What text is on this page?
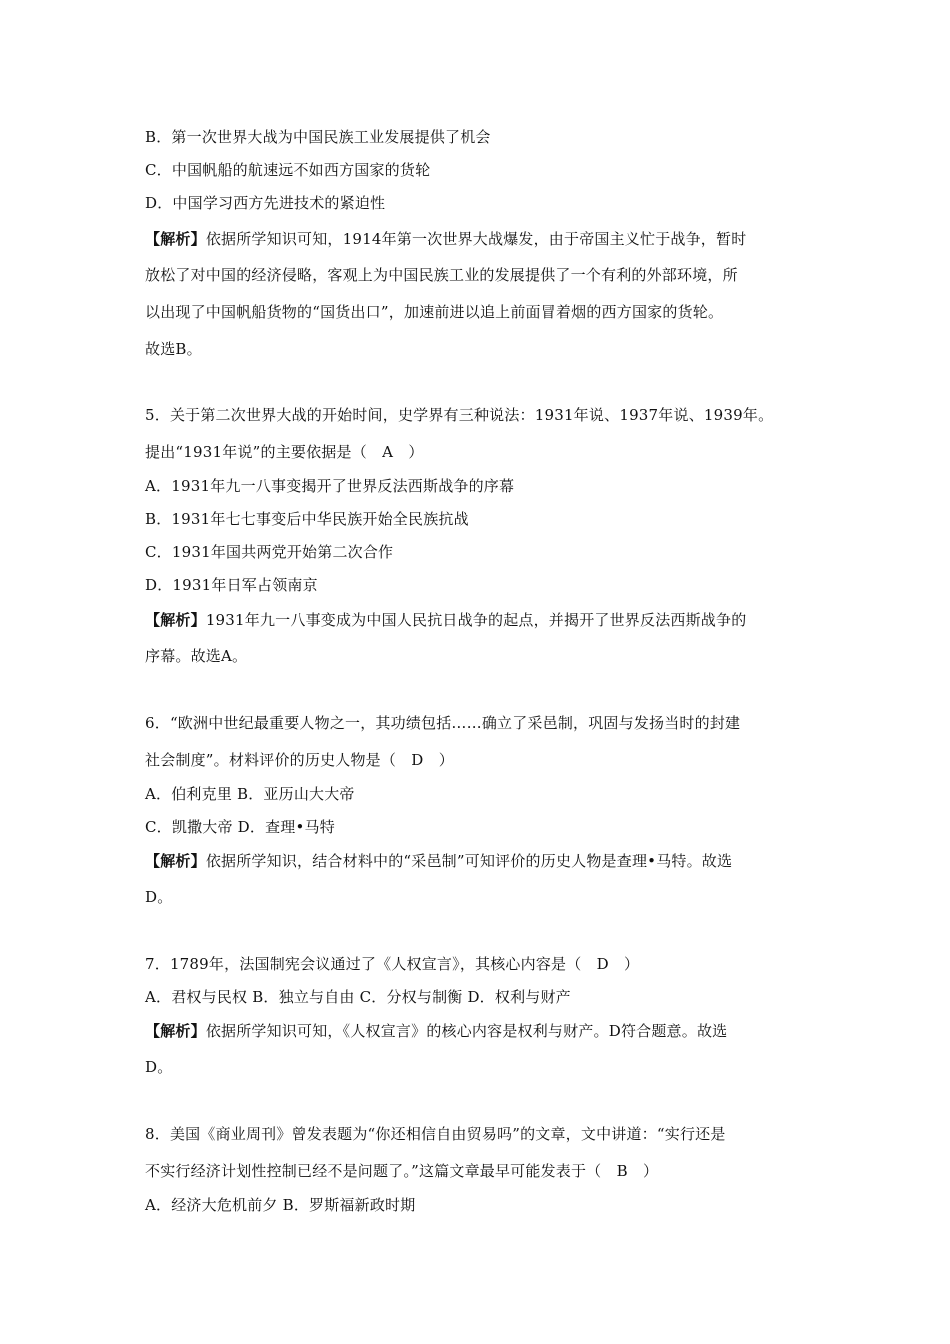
B．第一次世界大战为中国民族工业发展提供了机会
C．中国帆船的航速远不如西方国家的货轮
D．中国学习西方先进技术的紧迫性
【解析】依据所学知识可知，1914年第一次世界大战爆发，由于帝国主义忙于战争，暂时
放松了对中国的经济侵略，客观上为中国民族工业的发展提供了一个有利的外部环境，所
以出现了中国帆船货物的“国货出口”，加速前进以追上前面冒着烟的西方国家的货轮。
故选B。
5．关于第二次世界大战的开始时间，史学界有三种说法：1931年说、1937年说、1939年。
提出“1931年说”的主要依据是（　A　）
A．1931年九一八事变揭开了世界反法西斯战争的序幕
B．1931年七七事变后中华民族开始全民族抗战
C．1931年国共两党开始第二次合作
D．1931年日军占领南京
【解析】1931年九一八事变成为中国人民抗日战争的起点，并揭开了世界反法西斯战争的
序幕。故选A。
6．“欧洲中世纪最重要人物之一，其功绩包括……确立了采邑制，巩固与发扬当时的封建
社会制度”。材料评价的历史人物是（　D　）
A．伯利克里 B．亚历山大大帝
C．凯撒大帝 D．查理•马特
【解析】依据所学知识，结合材料中的“采邑制”可知评价的历史人物是查理•马特。故选
D。
7．1789年，法国制宪会议通过了《人权宣言》，其核心内容是（　D　）
A．君权与民权 B．独立与自由 C．分权与制衡 D．权利与财产
【解析】依据所学知识可知，《人权宣言》的核心内容是权利与财产。D符合题意。故选
D。
8．美国《商业周刊》曾发表题为“你还相信自由贸易吗”的文章，文中讲道：“实行还是
不实行经济计划性控制已经不是问题了。”这篇文章最早可能发表于（　B　）
A．经济大危机前夕 B．罗斯福新政时期
